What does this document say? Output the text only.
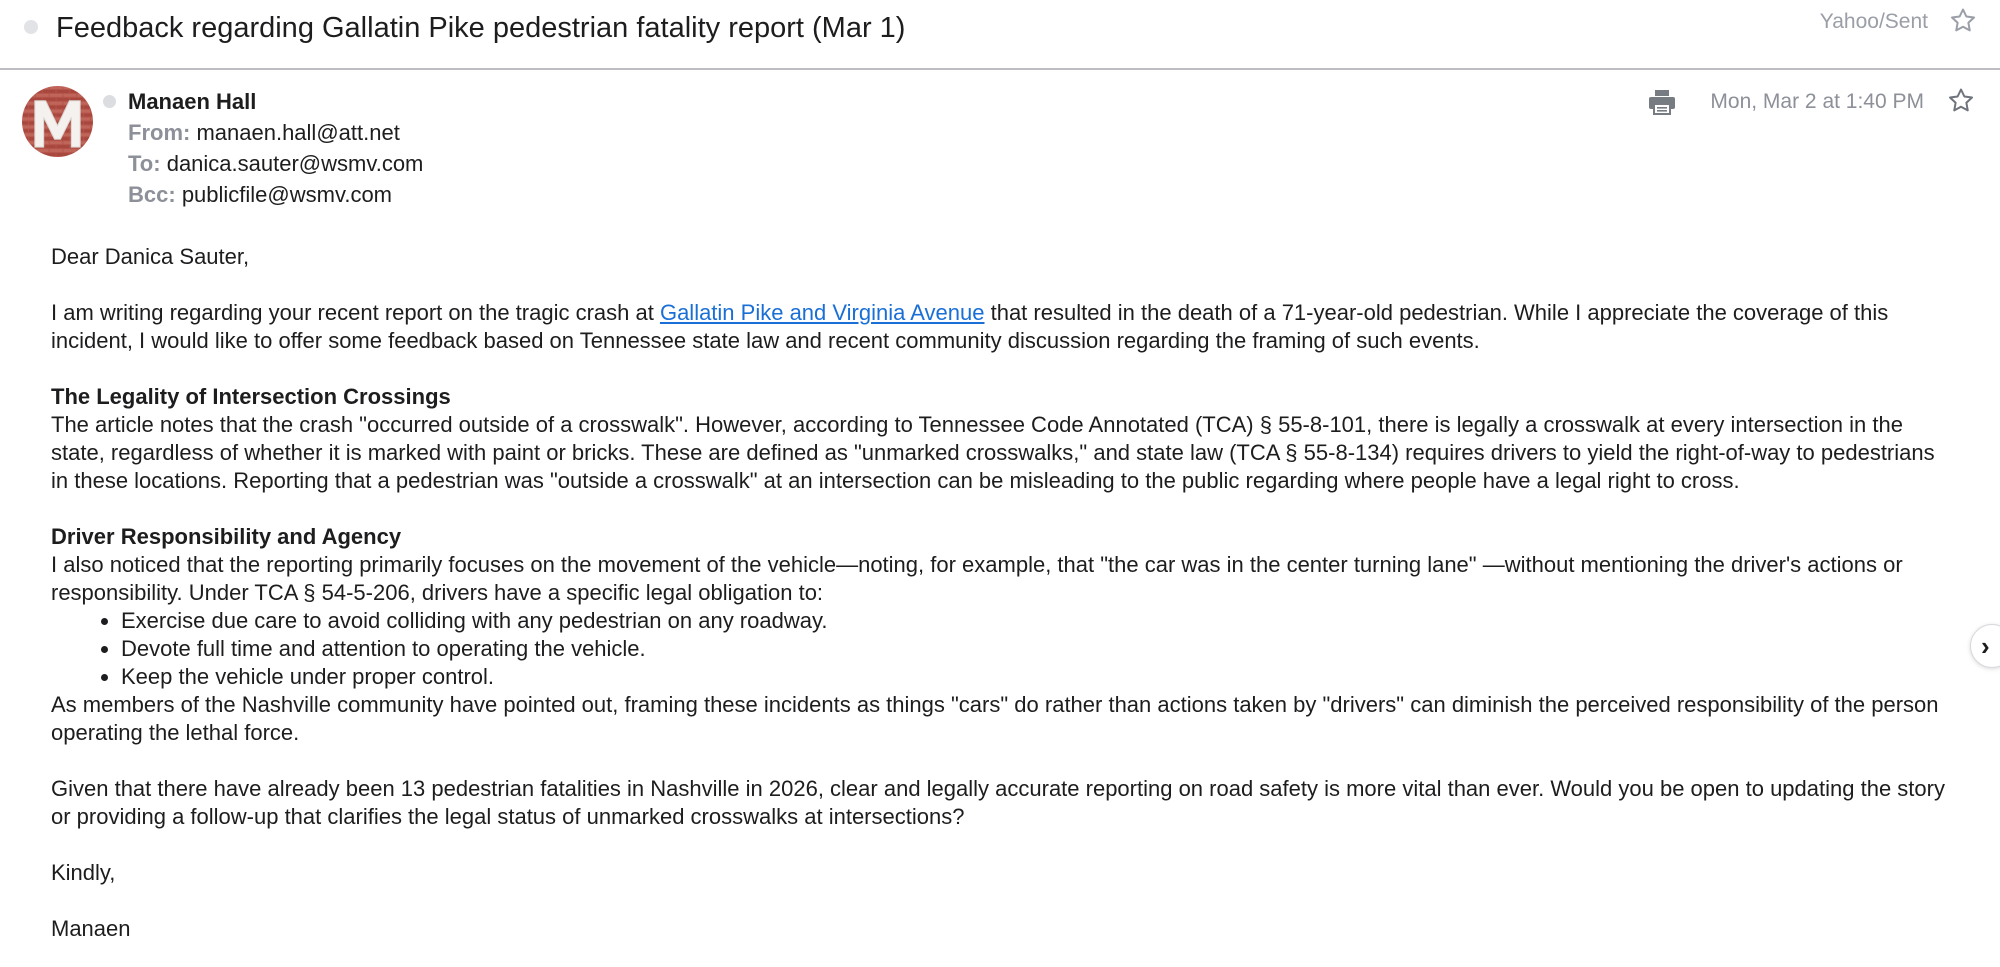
Feedback regarding Gallatin Pike pedestrian fatality report (Mar 1)	Yahoo/Sent
Manaen Hall
From: manaen.hall@att.net
To: danica.sauter@wsmv.com
Bcc: publicfile@wsmv.com
Mon, Mar 2 at 1:40 PM

Dear Danica Sauter,

I am writing regarding your recent report on the tragic crash at Gallatin Pike and Virginia Avenue that resulted in the death of a 71-year-old pedestrian. While I appreciate the coverage of this incident, I would like to offer some feedback based on Tennessee state law and recent community discussion regarding the framing of such events.

The Legality of Intersection Crossings

The article notes that the crash "occurred outside of a crosswalk". However, according to Tennessee Code Annotated (TCA) § 55-8-101, there is legally a crosswalk at every intersection in the state, regardless of whether it is marked with paint or bricks. These are defined as "unmarked crosswalks," and state law (TCA § 55-8-134) requires drivers to yield the right-of-way to pedestrians in these locations. Reporting that a pedestrian was "outside a crosswalk" at an intersection can be misleading to the public regarding where people have a legal right to cross.

Driver Responsibility and Agency

I also noticed that the reporting primarily focuses on the movement of the vehicle—noting, for example, that "the car was in the center turning lane" —without mentioning the driver's actions or responsibility. Under TCA § 54-5-206, drivers have a specific legal obligation to:

• Exercise due care to avoid colliding with any pedestrian on any roadway.
• Devote full time and attention to operating the vehicle.
• Keep the vehicle under proper control.

As members of the Nashville community have pointed out, framing these incidents as things "cars" do rather than actions taken by "drivers" can diminish the perceived responsibility of the person operating the lethal force.

Given that there have already been 13 pedestrian fatalities in Nashville in 2026, clear and legally accurate reporting on road safety is more vital than ever. Would you be open to updating the story or providing a follow-up that clarifies the legal status of unmarked crosswalks at intersections?

Kindly,

Manaen

›
